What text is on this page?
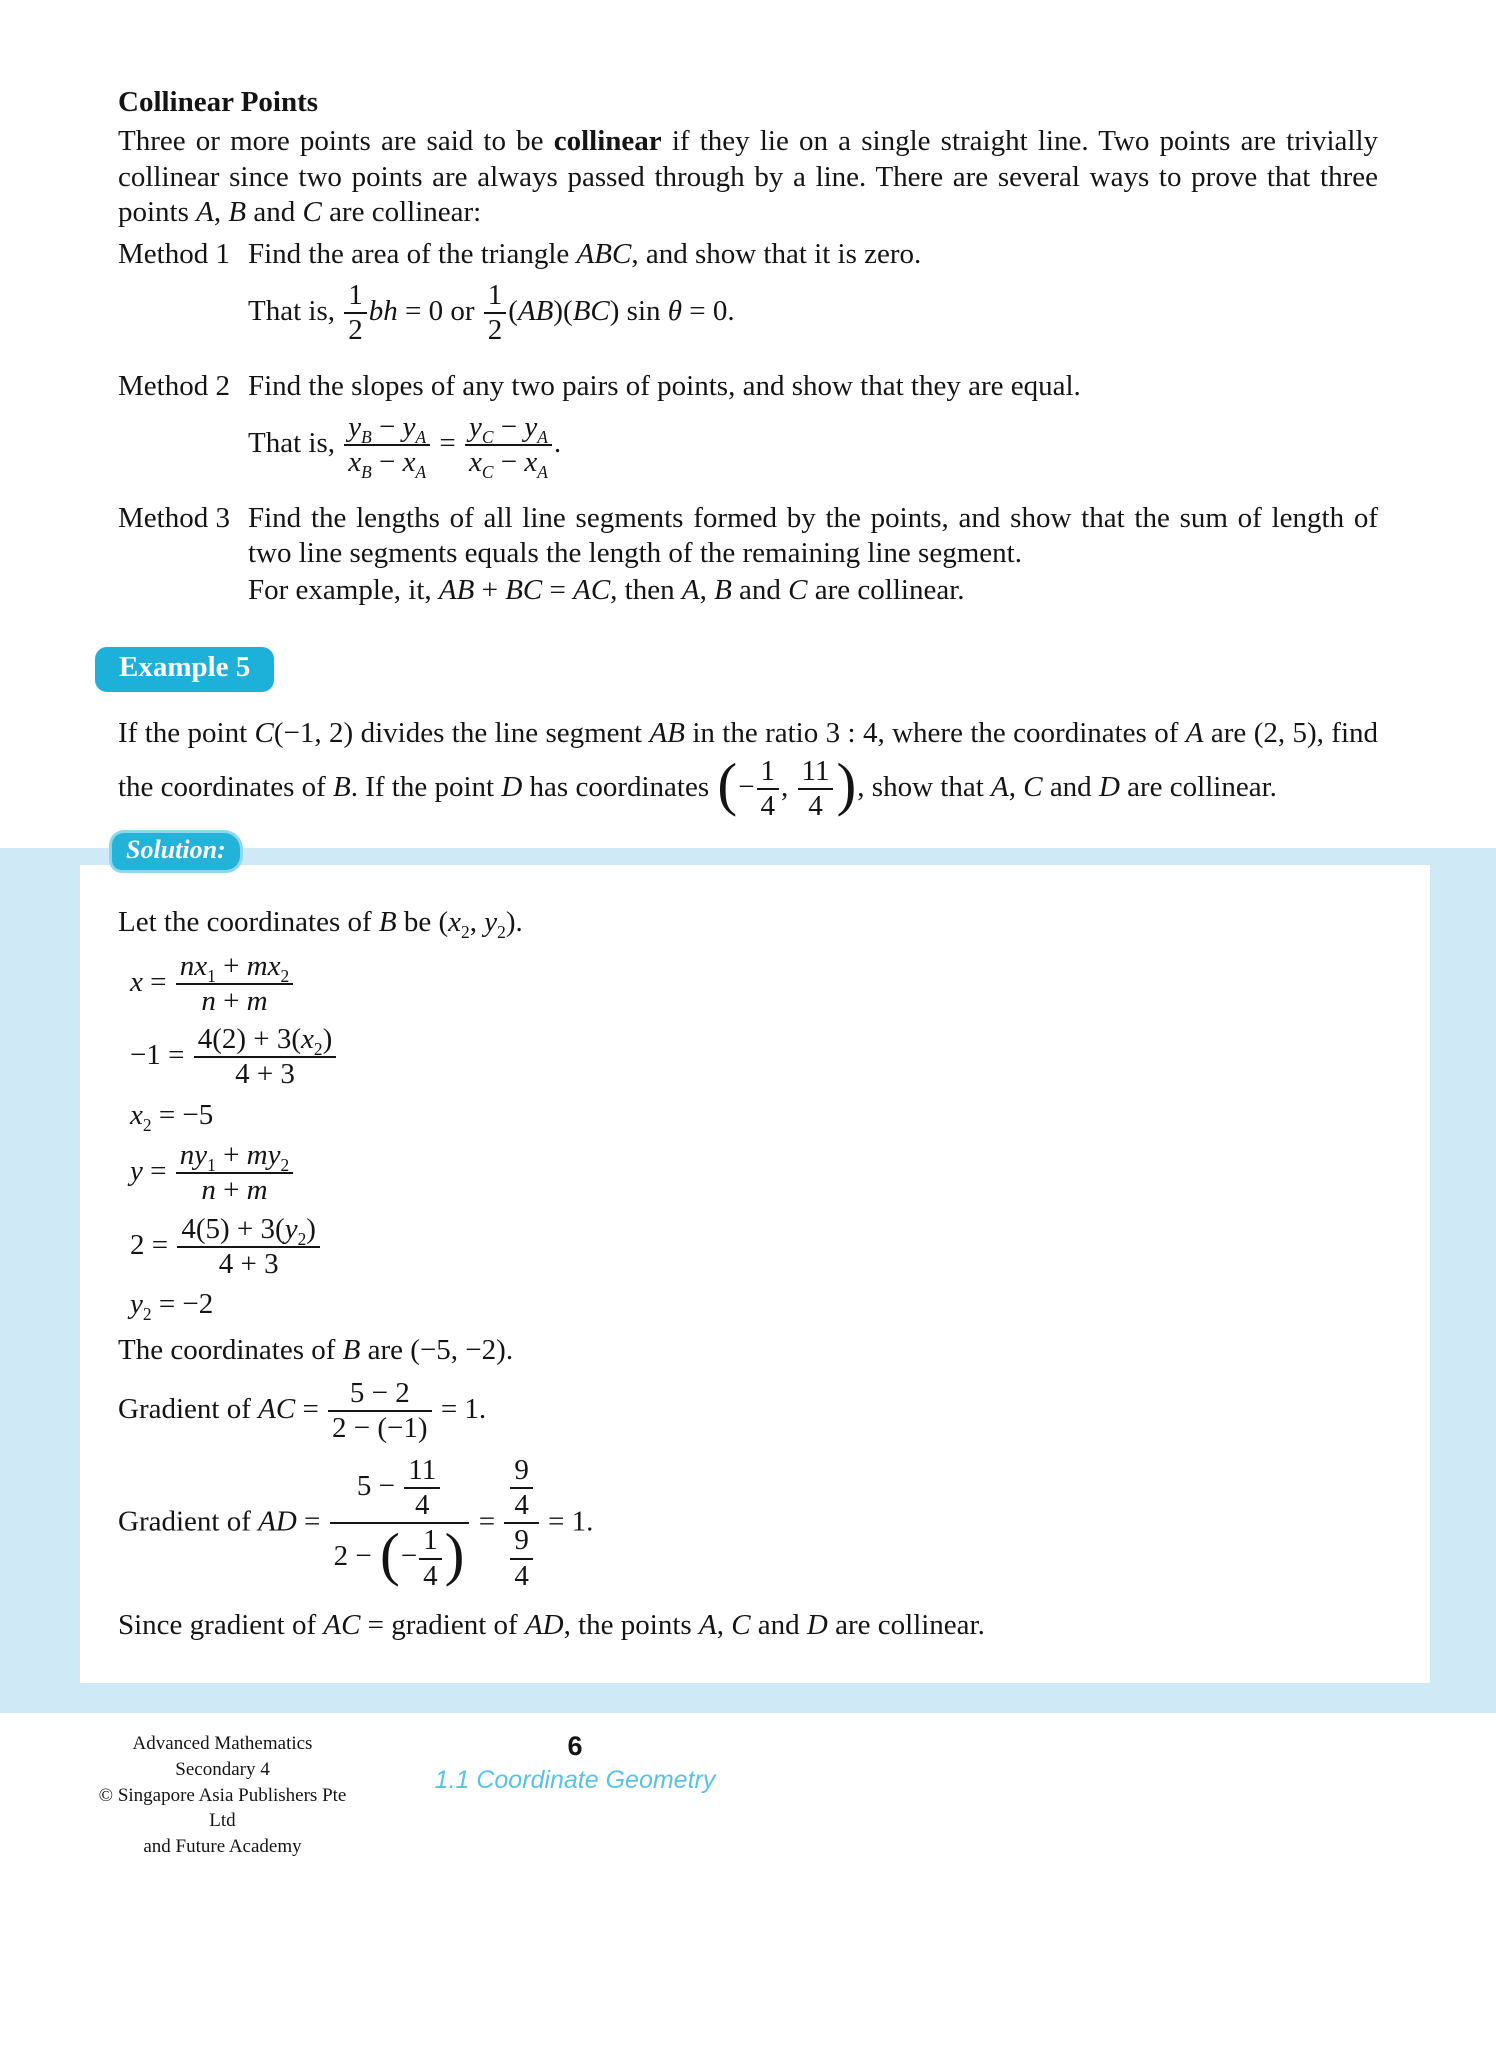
Collinear Points

Three or more points are said to be collinear if they lie on a single straight line. Two points are trivially collinear since two points are always passed through by a line. There are several ways to prove that three points A, B and C are collinear:

Method 1 Find the area of the triangle ABC, and show that it is zero.

That is, $\frac{1}{2}$ bh = 0 or $\frac{1}{2} (AB)(BC)$ sin θ = 0.

Method 2 Find the slopes of any two pairs of points, and show that they are equal.

That is, $\frac{y_B - y_A}{x_B - x_A} = \frac{y_C - y_A}{x_C - x_A}$ .

Method 3 Find the lengths of all line segments formed by the points, and show that the sum of length of two line segments equals the length of the remaining line segment.

For example, it, AB + BC = AC, then A, B and C are collinear.

Example 5

If the point C(−1, 2) divides the line segment AB in the ratio 3 : 4, where the coordinates of A are (2, 5), find the coordinates of B. If the point D has coordinates (− $\frac{1}{4}$ , $\frac{11}{4}$ ), show that A, C and D are collinear.

Solution:
Let the coordinates of B be ($x_2$, $y_2$).
$x = \frac{nx_1 + mx_2}{n + m}$
$-1 = \frac{4(2) + 3(x_2)}{4 + 3}$
$x_2 = -5$
$y = \frac{ny_1 + my_2}{n + m}$
$2 = \frac{4(5) + 3(y_2)}{4 + 3}$
$y_2 = -2$
The coordinates of B are (−5, −2).
Gradient of AC = $\frac{5 - 2}{2 - (-1)} = 1$.
Gradient of AD = $\frac{5 - \frac{11}{4}}{2 - (- \frac{1}{4} )} = \frac{\frac{9}{4}}{\frac{9}{4}} = 1$.
Since gradient of AC = gradient of AD, the points A, C and D are collinear.
Advanced Mathematics Secondary 4
© Singapore Asia Publishers Pte Ltd
and Future Academy
6
1.1 Coordinate Geometry
